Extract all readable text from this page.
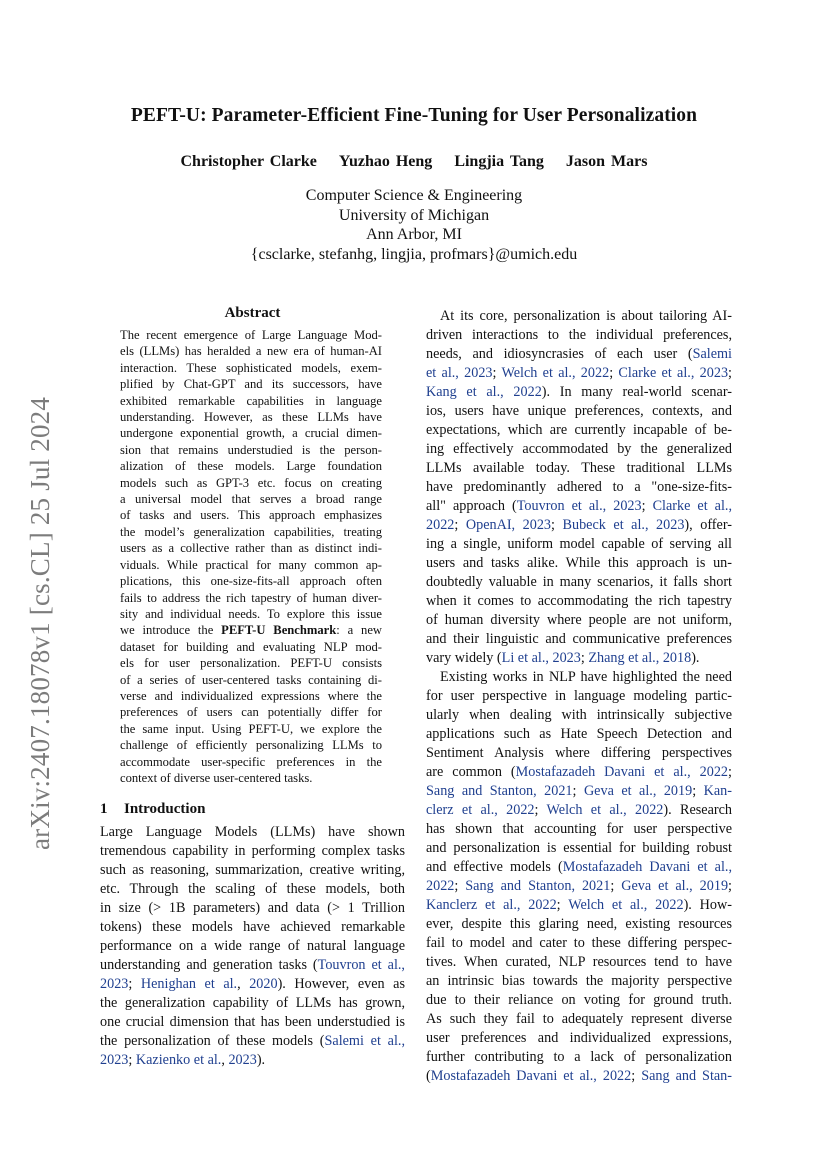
arXiv:2407.18078v1 [cs.CL] 25 Jul 2024
PEFT-U: Parameter-Efficient Fine-Tuning for User Personalization
Christopher Clarke Yuzhao Heng Lingjia Tang Jason Mars
Computer Science & Engineering
University of Michigan
Ann Arbor, MI
{csclarke, stefanhg, lingjia, profmars}@umich.edu
Abstract
The recent emergence of Large Language Mod-
els (LLMs) has heralded a new era of human-AI
interaction. These sophisticated models, exem-
plified by Chat-GPT and its successors, have
exhibited remarkable capabilities in language
understanding. However, as these LLMs have
undergone exponential growth, a crucial dimen-
sion that remains understudied is the person-
alization of these models. Large foundation
models such as GPT-3 etc. focus on creating
a universal model that serves a broad range
of tasks and users. This approach emphasizes
the model’s generalization capabilities, treating
users as a collective rather than as distinct indi-
viduals. While practical for many common ap-
plications, this one-size-fits-all approach often
fails to address the rich tapestry of human diver-
sity and individual needs. To explore this issue
we introduce the PEFT-U Benchmark: a new
dataset for building and evaluating NLP mod-
els for user personalization. PEFT-U consists
of a series of user-centered tasks containing di-
verse and individualized expressions where the
preferences of users can potentially differ for
the same input. Using PEFT-U, we explore the
challenge of efficiently personalizing LLMs to
accommodate user-specific preferences in the
context of diverse user-centered tasks.
1 Introduction
Large Language Models (LLMs) have shown
tremendous capability in performing complex tasks
such as reasoning, summarization, creative writing,
etc. Through the scaling of these models, both
in size (> 1B parameters) and data (> 1 Trillion
tokens) these models have achieved remarkable
performance on a wide range of natural language
understanding and generation tasks (Touvron et al.,
2023; Henighan et al., 2020). However, even as
the generalization capability of LLMs has grown,
one crucial dimension that has been understudied is
the personalization of these models (Salemi et al.,
2023; Kazienko et al., 2023).
At its core, personalization is about tailoring AI-
driven interactions to the individual preferences,
needs, and idiosyncrasies of each user (Salemi
et al., 2023; Welch et al., 2022; Clarke et al., 2023;
Kang et al., 2022). In many real-world scenar-
ios, users have unique preferences, contexts, and
expectations, which are currently incapable of be-
ing effectively accommodated by the generalized
LLMs available today. These traditional LLMs
have predominantly adhered to a "one-size-fits-
all" approach (Touvron et al., 2023; Clarke et al.,
2022; OpenAI, 2023; Bubeck et al., 2023), offer-
ing a single, uniform model capable of serving all
users and tasks alike. While this approach is un-
doubtedly valuable in many scenarios, it falls short
when it comes to accommodating the rich tapestry
of human diversity where people are not uniform,
and their linguistic and communicative preferences
vary widely (Li et al., 2023; Zhang et al., 2018).
Existing works in NLP have highlighted the need
for user perspective in language modeling partic-
ularly when dealing with intrinsically subjective
applications such as Hate Speech Detection and
Sentiment Analysis where differing perspectives
are common (Mostafazadeh Davani et al., 2022;
Sang and Stanton, 2021; Geva et al., 2019; Kan-
clerz et al., 2022; Welch et al., 2022). Research
has shown that accounting for user perspective
and personalization is essential for building robust
and effective models (Mostafazadeh Davani et al.,
2022; Sang and Stanton, 2021; Geva et al., 2019;
Kanclerz et al., 2022; Welch et al., 2022). How-
ever, despite this glaring need, existing resources
fail to model and cater to these differing perspec-
tives. When curated, NLP resources tend to have
an intrinsic bias towards the majority perspective
due to their reliance on voting for ground truth.
As such they fail to adequately represent diverse
user preferences and individualized expressions,
further contributing to a lack of personalization
(Mostafazadeh Davani et al., 2022; Sang and Stan-
